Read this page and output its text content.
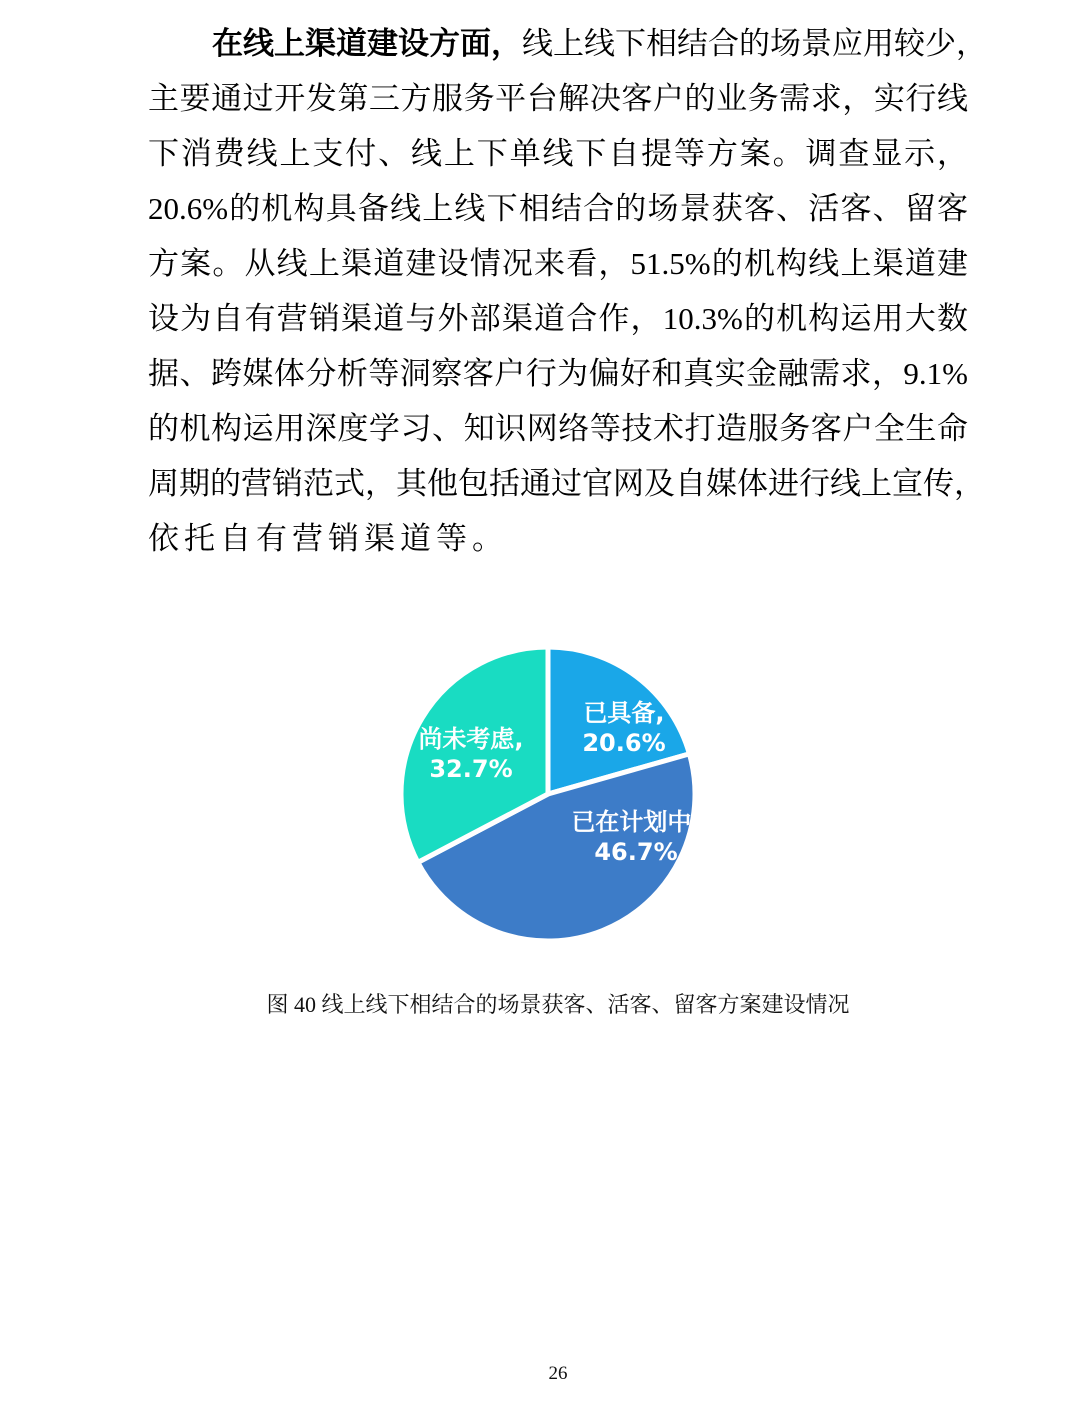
在线上渠道建设方面，线上线下相结合的场景应用较少，
主要通过开发第三方服务平台解决客户的业务需求，实行线
下消费线上支付、线上下单线下自提等方案。调查显示，
20.6%的机构具备线上线下相结合的场景获客、活客、留客
方案。从线上渠道建设情况来看，51.5%的机构线上渠道建
设为自有营销渠道与外部渠道合作，10.3%的机构运用大数
据、跨媒体分析等洞察客户行为偏好和真实金融需求，9.1%
的机构运用深度学习、知识网络等技术打造服务客户全生命
周期的营销范式，其他包括通过官网及自媒体进行线上宣传，
依托自有营销渠道等。
已具备, 20.6%
已在计划中, 46.7%
尚未考虑, 32.7%
图 40 线上线下相结合的场景获客、活客、留客方案建设情况
26
